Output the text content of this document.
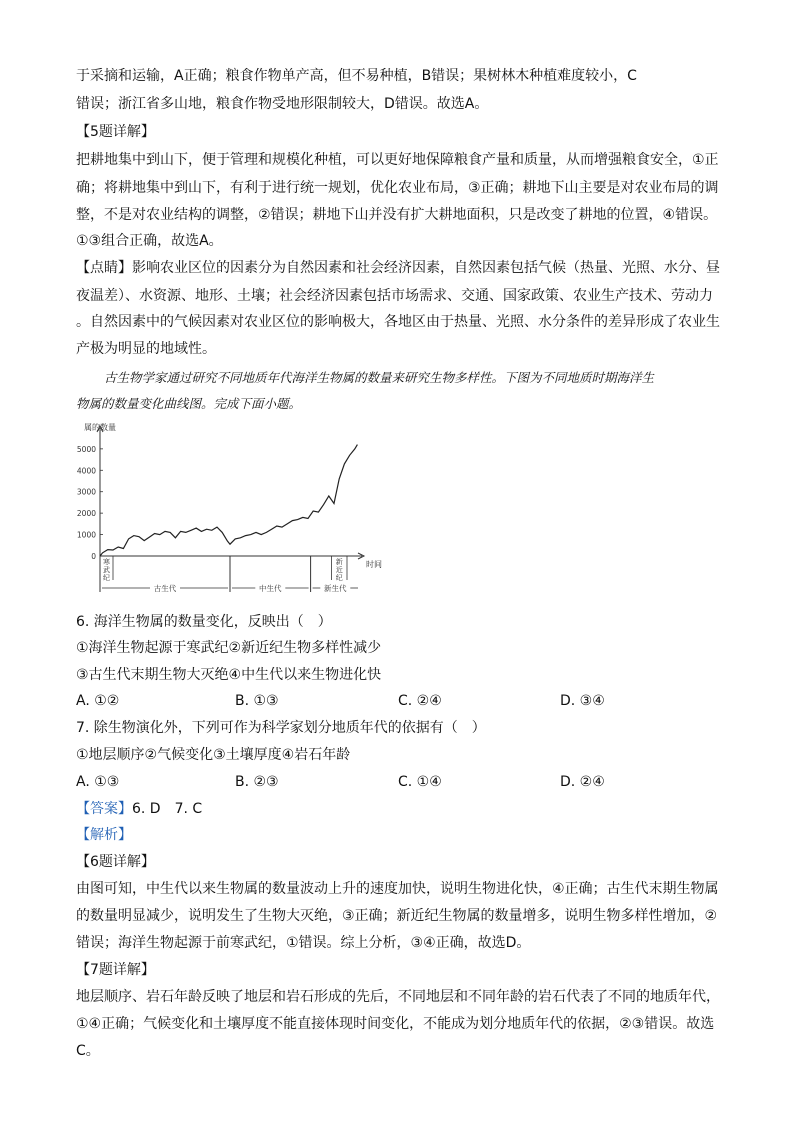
于采摘和运输，A正确；粮食作物单产高，但不易种植，B错误；果树林木种植难度较小，C
错误；浙江省多山地，粮食作物受地形限制较大，D错误。故选A。
【5题详解】
把耕地集中到山下，便于管理和规模化种植，可以更好地保障粮食产量和质量，从而增强粮食安全，①正
确；将耕地集中到山下，有利于进行统一规划，优化农业布局，③正确；耕地下山主要是对农业布局的调
整，不是对农业结构的调整，②错误；耕地下山并没有扩大耕地面积，只是改变了耕地的位置，④错误。
①③组合正确，故选A。
【点睛】影响农业区位的因素分为自然因素和社会经济因素，自然因素包括气候（热量、光照、水分、昼
夜温差）、水资源、地形、土壤；社会经济因素包括市场需求、交通、国家政策、农业生产技术、劳动力
。自然因素中的气候因素对农业区位的影响极大，各地区由于热量、光照、水分条件的差异形成了农业生
产极为明显的地域性。
古生物学家通过研究不同地质年代海洋生物属的数量来研究生物多样性。下图为不同地质时期海洋生
物属的数量变化曲线图。完成下面小题。
0
1000
2000
3000
4000
5000
古生代	中生代	新生代
寒武纪
新近纪
属的数量
时间
6. 海洋生物属的数量变化，反映出（　）
①海洋生物起源于寒武纪②新近纪生物多样性减少
③古生代末期生物大灭绝④中生代以来生物进化快
A. ①②	B. ①③	C. ②④	D. ③④
7. 除生物演化外，下列可作为科学家划分地质年代的依据有（　）
①地层顺序②气候变化③土壤厚度④岩石年龄
A. ①③	B. ②③	C. ①④	D. ②④
【答案】6. D　7. C
【解析】
【6题详解】
由图可知，中生代以来生物属的数量波动上升的速度加快，说明生物进化快，④正确；古生代末期生物属
的数量明显减少，说明发生了生物大灭绝，③正确；新近纪生物属的数量增多，说明生物多样性增加，②
错误；海洋生物起源于前寒武纪，①错误。综上分析，③④正确，故选D。
【7题详解】
地层顺序、岩石年龄反映了地层和岩石形成的先后，不同地层和不同年龄的岩石代表了不同的地质年代，
①④正确；气候变化和土壤厚度不能直接体现时间变化，不能成为划分地质年代的依据，②③错误。故选
C。
